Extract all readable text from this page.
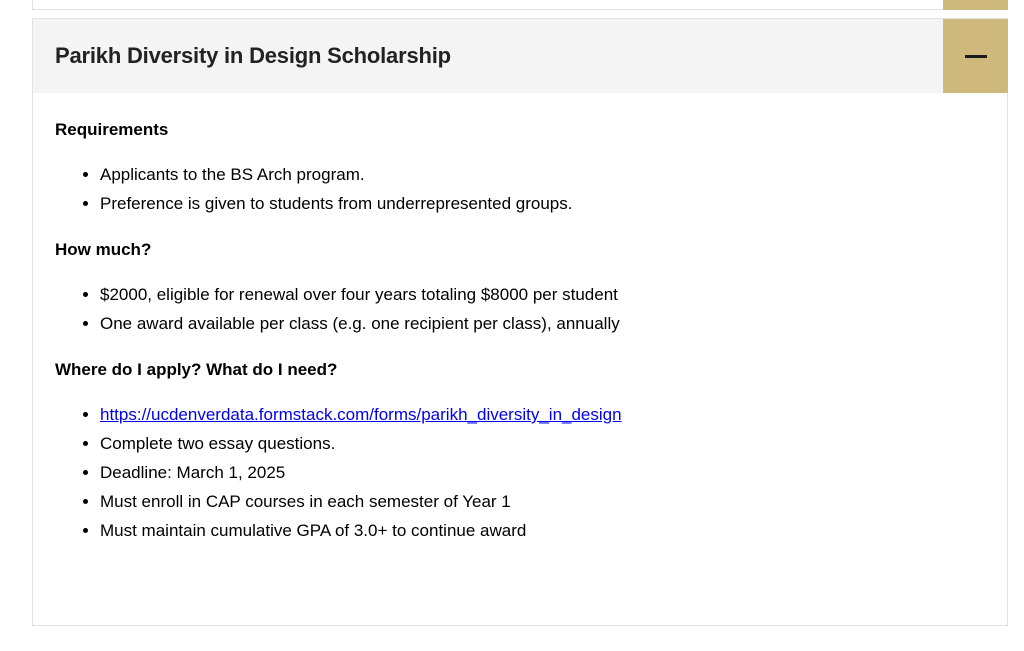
Parikh Diversity in Design Scholarship
Requirements
• Applicants to the BS Arch program.
• Preference is given to students from underrepresented groups.
How much?
• $2000, eligible for renewal over four years totaling $8000 per student
• One award available per class (e.g. one recipient per class), annually
Where do I apply? What do I need?
• https://ucdenverdata.formstack.com/forms/parikh_diversity_in_design
• Complete two essay questions.
• Deadline: March 1, 2025
• Must enroll in CAP courses in each semester of Year 1
• Must maintain cumulative GPA of 3.0+ to continue award
